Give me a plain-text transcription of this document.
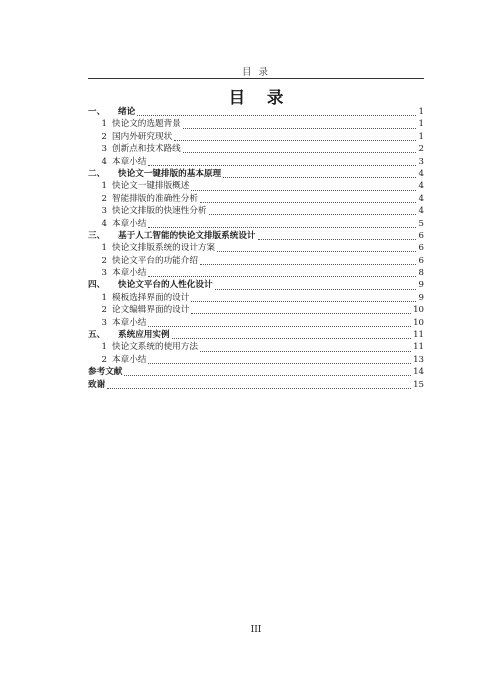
目 录
目 录
一、	绪论	1
1 快论文的选题背景	1
2 国内外研究现状	1
3 创新点和技术路线	2
4 本章小结	3
二、	快论文一键排版的基本原理	4
1 快论文一键排版概述	4
2 智能排版的准确性分析	4
3 快论文排版的快速性分析	4
4 本章小结	5
三、	基于人工智能的快论文排版系统设计	6
1 快论文排版系统的设计方案	6
2 快论文平台的功能介绍	6
3 本章小结	8
四、	快论文平台的人性化设计	9
1 模板选择界面的设计	9
2 论文编辑界面的设计	10
3 本章小结	10
五、	系统应用实例	11
1 快论文系统的使用方法	11
2 本章小结	13
参考文献	14
致谢	15
III
